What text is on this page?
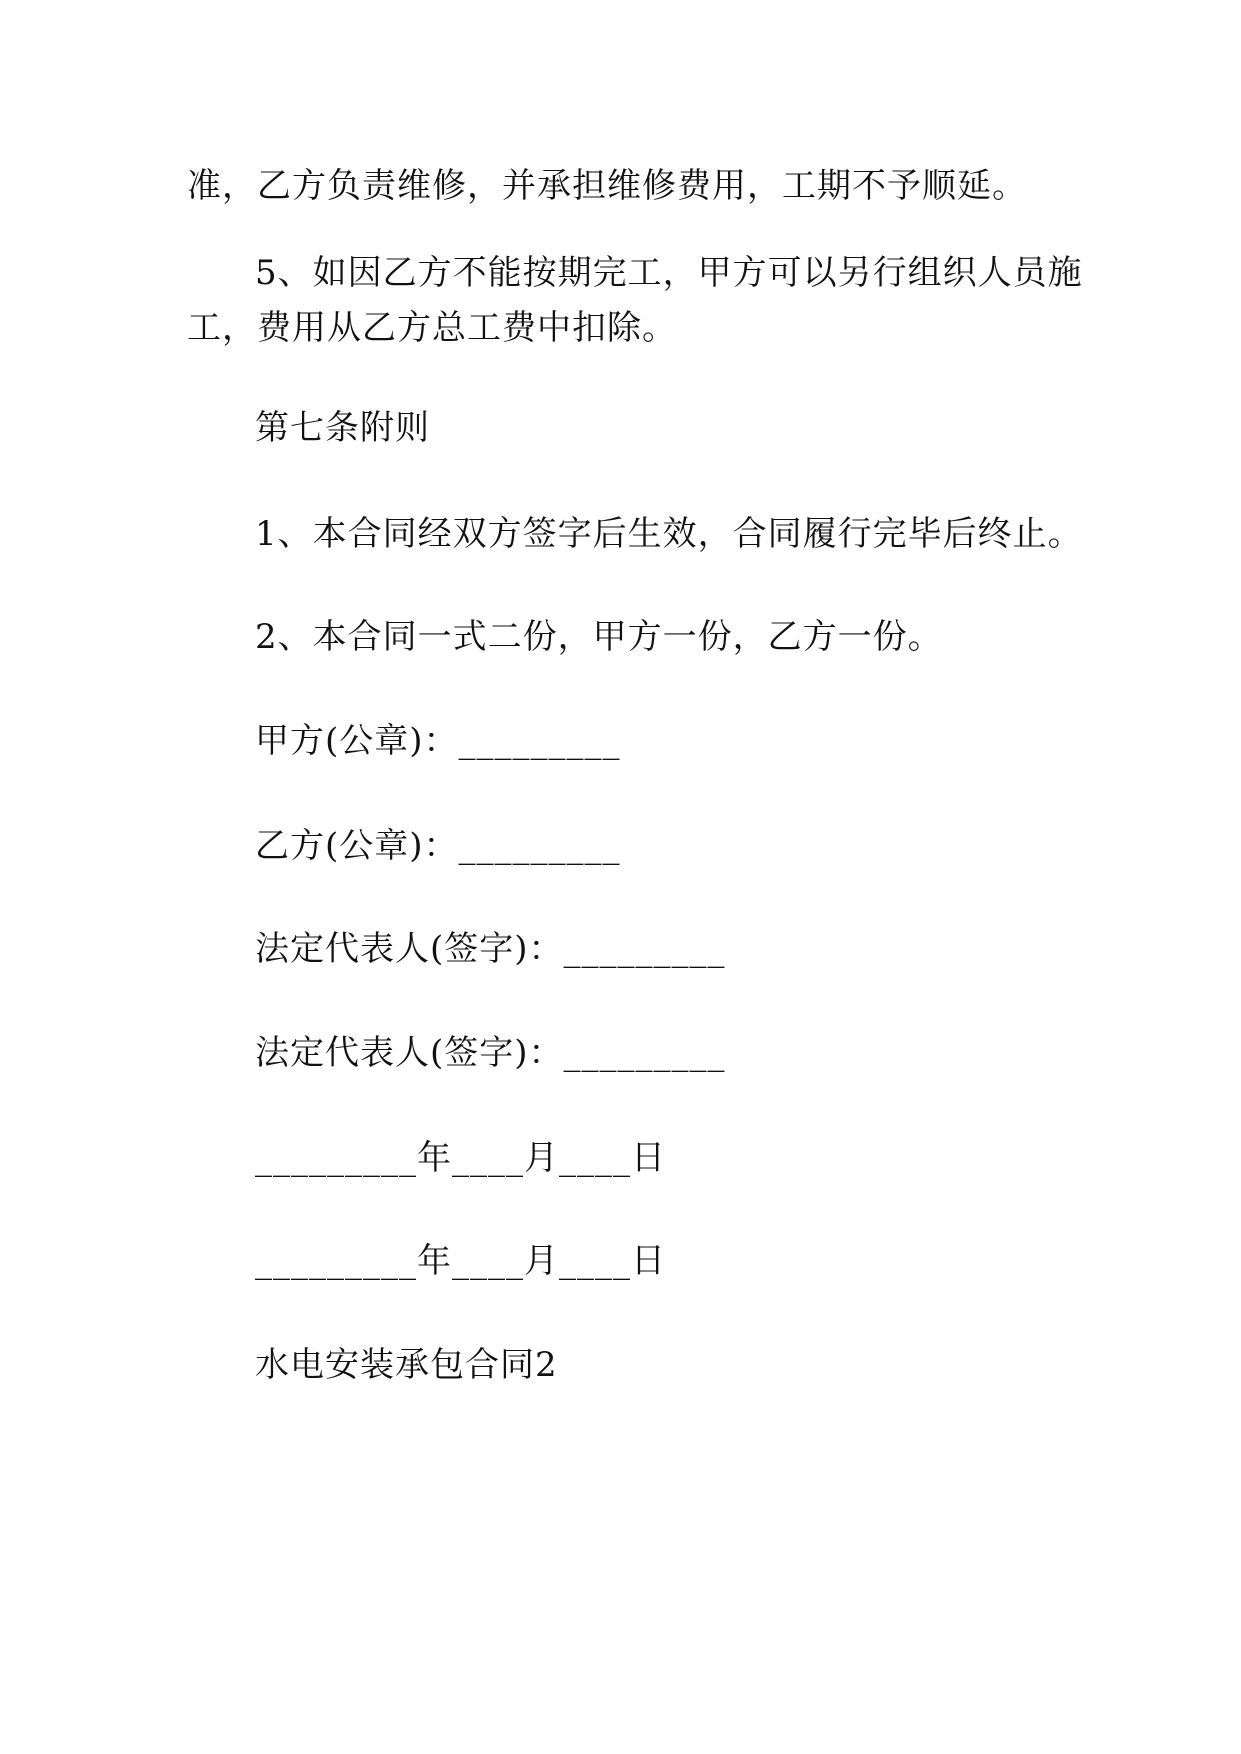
准，乙方负责维修，并承担维修费用，工期不予顺延。
5、如因乙方不能按期完工，甲方可以另行组织人员施
工，费用从乙方总工费中扣除。
第七条附则
1、本合同经双方签字后生效，合同履行完毕后终止。
2、本合同一式二份，甲方一份，乙方一份。
甲方(公章)：_________
乙方(公章)：_________
法定代表人(签字)：_________
法定代表人(签字)：_________
_________年____月____日
_________年____月____日
水电安装承包合同2
